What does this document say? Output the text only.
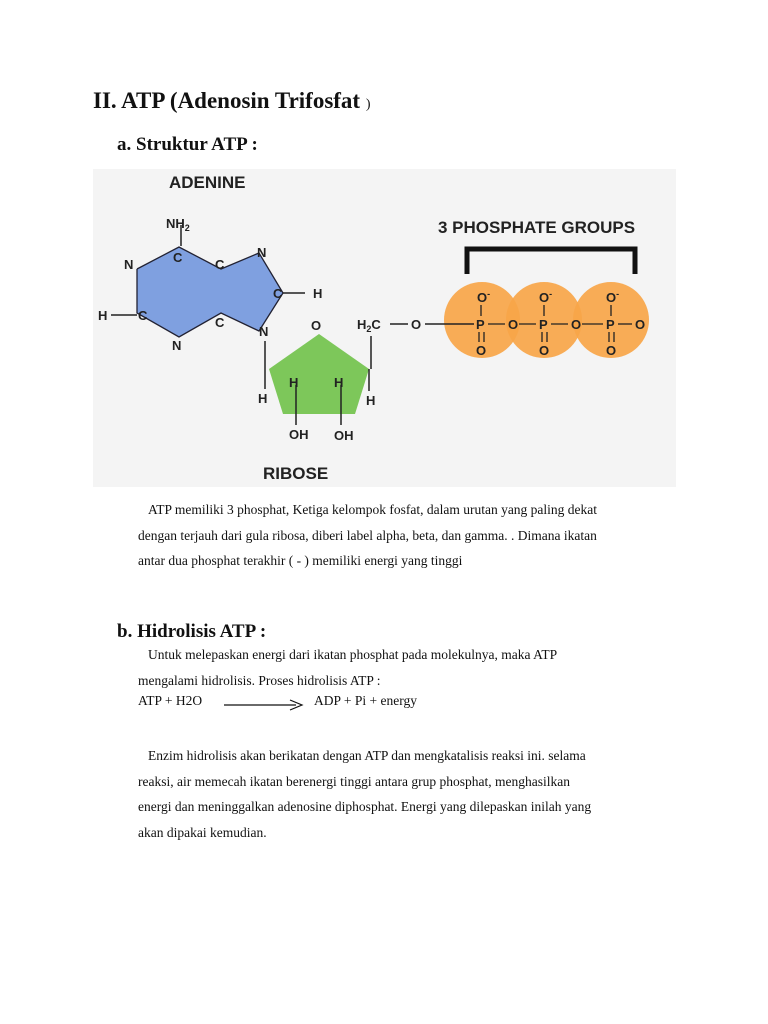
II. ATP (Adenosin Trifosfat )
a. Struktur ATP :
ADENINE
$NH_2$
C
N	C
N
C H
H C	C
N
N
H
O
H	H
H
OH OH
$H_2C$ O
RIBOSE
3 PHOSPHATE GROUPS
O-
P
O
O
O-
P
O
O
O-
P
O
O

ATP memiliki 3 phosphat, Ketiga kelompok fosfat, dalam urutan yang paling dekat

dengan terjauh dari gula ribosa, diberi label alpha, beta, dan gamma. . Dimana ikatan

antar dua phosphat terakhir ( - ) memiliki energi yang tinggi

b. Hidrolisis ATP :

Untuk melepaskan energi dari ikatan phosphat pada molekulnya, maka ATP

mengalami hidrolisis. Proses hidrolisis ATP :

ATP + H2O	ADP + Pi + energy

Enzim hidrolisis akan berikatan dengan ATP dan mengkatalisis reaksi ini. selama

reaksi, air memecah ikatan berenergi tinggi antara grup phosphat, menghasilkan

energi dan meninggalkan adenosine diphosphat. Energi yang dilepaskan inilah yang

akan dipakai kemudian.
